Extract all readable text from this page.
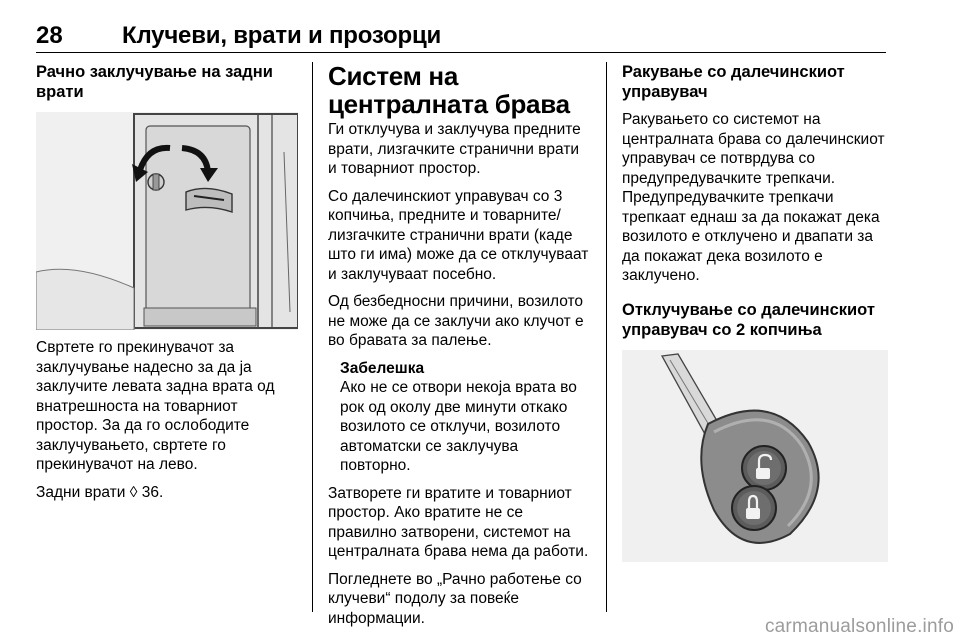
28 Клучеви, врати и прозорци
Рачно заклучување на задни врати

Свртете го прекинувачот за заклучување надесно за да ја заклучите левата задна врата од внатрешноста на товарниот простор. За да го ослободите заклучувањето, свртете го прекинувачот на лево.

Задни врати ◊ 36.

Систем на централната брава

Ги отклучува и заклучува предните врати, лизгачките странични врати и товарниот простор.

Со далечинскиот управувач со 3 копчиња, предните и товарните/ лизгачките странични врати (каде што ги има) може да се отклучуваат и заклучуваат посебно.

Од безбедносни причини, возилото не може да се заклучи ако клучот е во бравата за палење.

Забелешка

Ако не се отвори некоја врата во рок од околу две минути откако возилото се отклучи, возилото автоматски се заклучува повторно.

Затворете ги вратите и товарниот простор. Ако вратите не се правилно затворени, системот на централната брава нема да работи.

Погледнете во „Рачно работење со клучеви“ подолу за повеќе информации.

Ракување со далечинскиот управувач

Ракувањето со системот на централната брава со далечинскиот управувач се потврдува со предупредувачките трепкачи. Предупредувачките трепкачи трепкаат еднаш за да покажат дека возилото е отклучено и двапати за да покажат дека возилото е заклучено.

Отклучување со далечинскиот управувач со 2 копчиња
carmanualsonline.info
